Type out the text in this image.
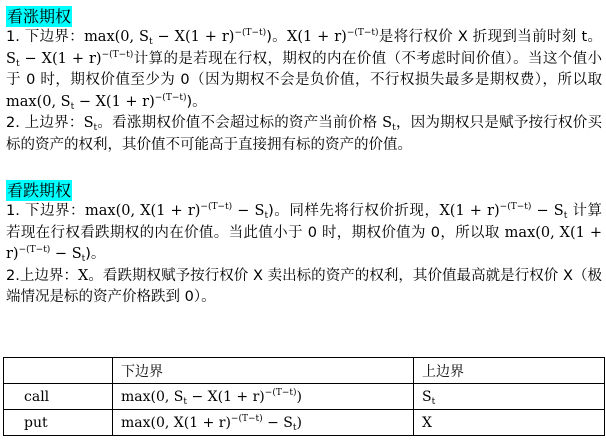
看涨期权

1. 下边界：max(0, $S_t - X(1 + r)^{-(T-t)}$)。$X(1 + r)^{-(T-t)}$是将行权价 X 折现到当前时刻 t。$S_t - X(1 + r)^{-(T-t)}$计算的是若现在行权，期权的内在价值（不考虑时间价值）。当这个值小于 0 时，期权价值至少为 0（因为期权不会是负价值，不行权损失最多是期权费），所以取 max(0, $S_t - X(1 + r)^{-(T-t)}$)。

2. 上边界：$S_t$。看涨期权价值不会超过标的资产当前价格 $S_t$，因为期权只是赋予按行权价买标的资产的权利，其价值不可能高于直接拥有标的资产的价值。

看跌期权

1. 下边界：max(0, $X(1 + r)^{-(T-t)} - S_t$)。同样先将行权价折现，$X(1 + r)^{-(T-t)} - S_t$ 计算若现在行权看跌期权的内在价值。当此值小于 0 时，期权价值为 0，所以取 max(0, $X(1 + r)^{-(T-t)} - S_t$)。

2.上边界：X。看跌期权赋予按行权价 X 卖出标的资产的权利，其价值最高就是行权价 X（极端情况是标的资产价格跌到 0）。

	下边界	上边界
call	max(0, $S_t - X(1 + r)^{-(T-t)}$)	$S_t$
put	max(0, $X(1 + r)^{-(T-t)} - S_t$)	X
